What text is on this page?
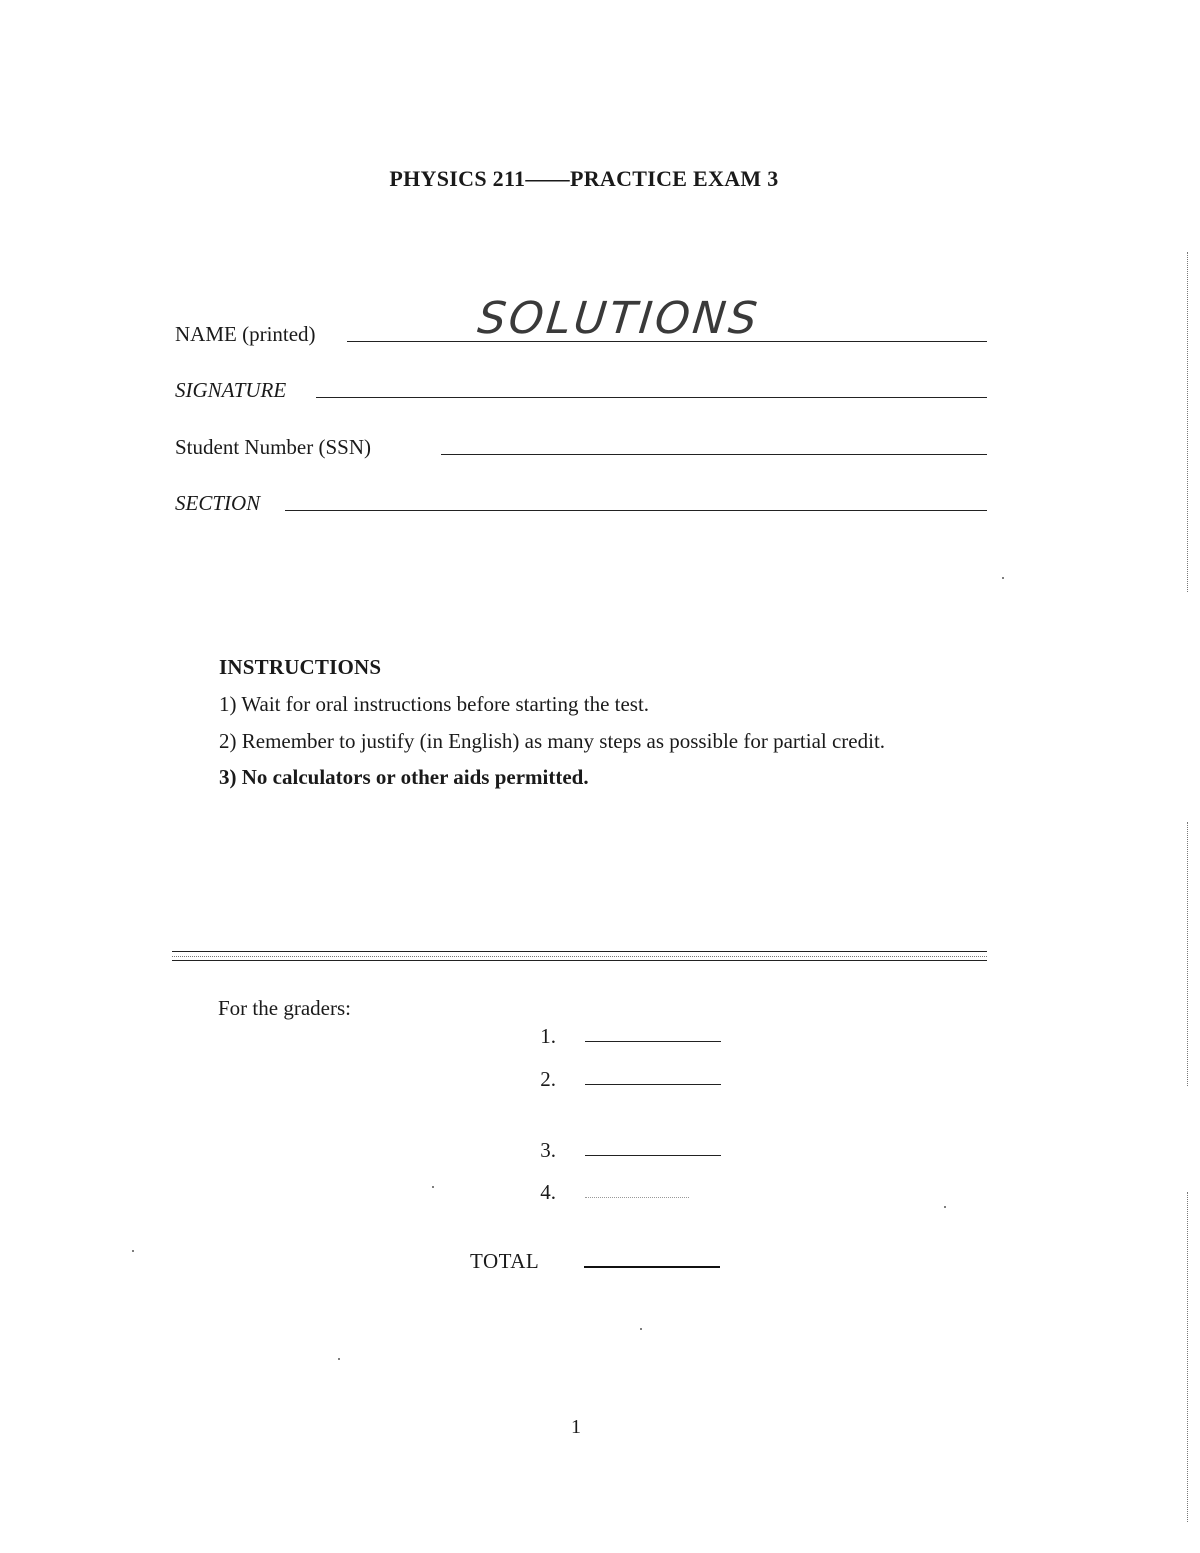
PHYSICS 211——PRACTICE EXAM 3
NAME (printed)	SOLUTIONS
SIGNATURE
Student Number (SSN)
SECTION
INSTRUCTIONS
1) Wait for oral instructions before starting the test.
2) Remember to justify (in English) as many steps as possible for partial credit.
3) No calculators or other aids permitted.
For the graders:
1.
2.
3.
4.
TOTAL
1
